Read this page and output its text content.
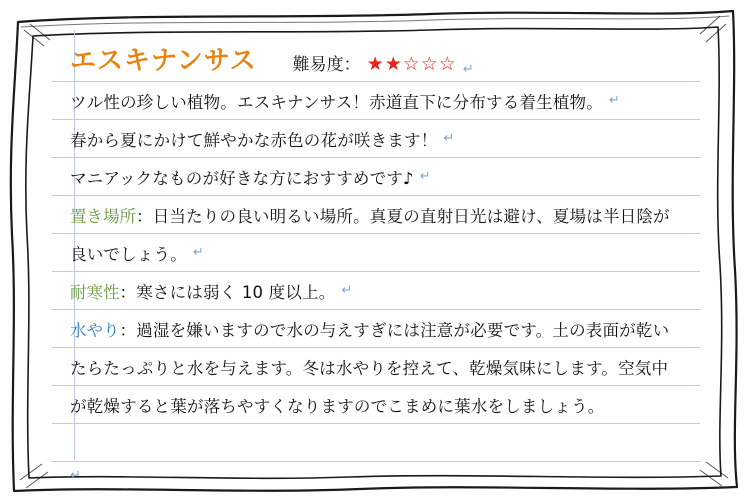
エスキナンサス 難易度： ★★☆☆☆ ↵
ツル性の珍しい植物。エスキナンサス！赤道直下に分布する着生植物。 ↵
春から夏にかけて鮮やかな赤色の花が咲きます！ ↵
マニアックなものが好きな方におすすめです♪ ↵
置き場所 ：日当たりの良い明るい場所。真夏の直射日光は避け、夏場は半日陰が
良いでしょう。 ↵
耐寒性 ：寒さには弱く 10 度以上。 ↵
水やり ：過湿を嫌いますので水の与えすぎには注意が必要です。土の表面が乾い
たらたっぷりと水を与えます。冬は水やりを控えて、乾燥気味にします。空気中
が乾燥すると葉が落ちやすくなりますのでこまめに葉水をしましょう。
↵
